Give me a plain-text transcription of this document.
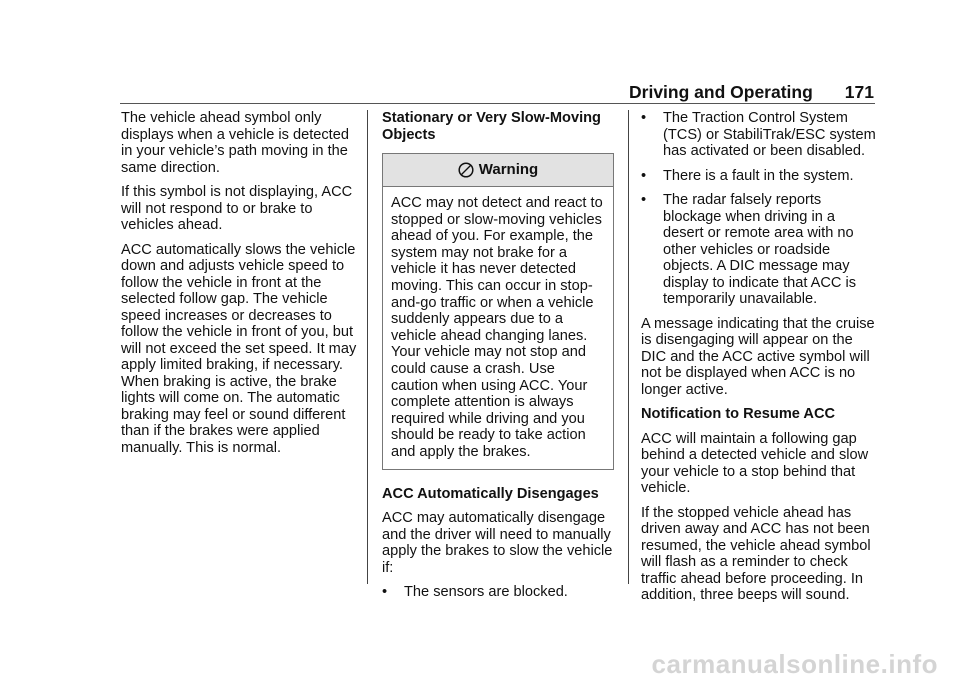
Driving and Operating 171

The vehicle ahead symbol only displays when a vehicle is detected in your vehicle’s path moving in the same direction.

If this symbol is not displaying, ACC will not respond to or brake to vehicles ahead.

ACC automatically slows the vehicle down and adjusts vehicle speed to follow the vehicle in front at the selected follow gap. The vehicle speed increases or decreases to follow the vehicle in front of you, but will not exceed the set speed. It may apply limited braking, if necessary. When braking is active, the brake lights will come on. The automatic braking may feel or sound different than if the brakes were applied manually. This is normal.

Stationary or Very Slow-Moving Objects

Warning
ACC may not detect and react to stopped or slow-moving vehicles ahead of you. For example, the system may not brake for a vehicle it has never detected moving. This can occur in stop-and-go traffic or when a vehicle suddenly appears due to a vehicle ahead changing lanes. Your vehicle may not stop and could cause a crash. Use caution when using ACC. Your complete attention is always required while driving and you should be ready to take action and apply the brakes.

ACC Automatically Disengages

ACC may automatically disengage and the driver will need to manually apply the brakes to slow the vehicle if:

•	The sensors are blocked.
•	The Traction Control System (TCS) or StabiliTrak/ESC system has activated or been disabled.
•	There is a fault in the system.
•	The radar falsely reports blockage when driving in a desert or remote area with no other vehicles or roadside objects. A DIC message may display to indicate that ACC is temporarily unavailable.

A message indicating that the cruise is disengaging will appear on the DIC and the ACC active symbol will not be displayed when ACC is no longer active.

Notification to Resume ACC

ACC will maintain a following gap behind a detected vehicle and slow your vehicle to a stop behind that vehicle.

If the stopped vehicle ahead has driven away and ACC has not been resumed, the vehicle ahead symbol will flash as a reminder to check traffic ahead before proceeding. In addition, three beeps will sound.

carmanualsonline.info
